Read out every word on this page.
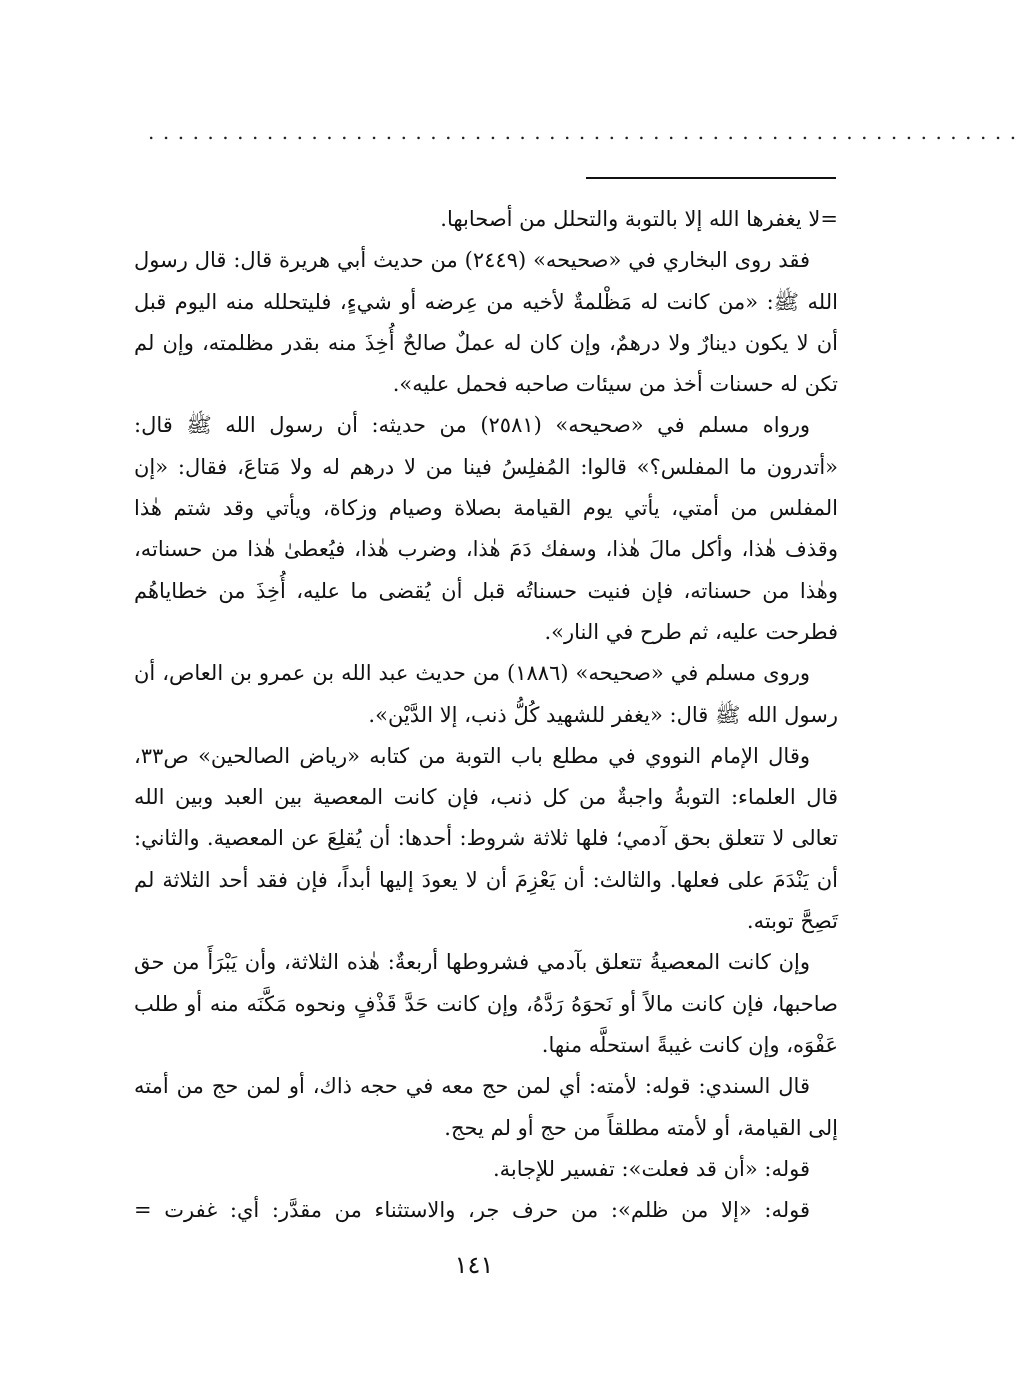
...........................................................

=لا يغفرها الله إلا بالتوبة والتحلل من أصحابها.

فقد روى البخاري في «صحيحه» (٢٤٤٩) من حديث أبي هريرة قال: قال رسول الله ﷺ: «من كانت له مَظْلمةٌ لأخيه من عِرضه أو شيءٍ، فليتحلله منه اليوم قبل أن لا يكون دينارٌ ولا درهمٌ، وإن كان له عملٌ صالحٌ أُخِذَ منه بقدر مظلمته، وإن لم تكن له حسنات أخذ من سيئات صاحبه فحمل عليه».

ورواه مسلم في «صحيحه» (٢٥٨١) من حديثه: أن رسول الله ﷺ قال: «أتدرون ما المفلس؟» قالوا: المُفلِسُ فينا من لا درهم له ولا مَتاعَ، فقال: «إن المفلس من أمتي، يأتي يوم القيامة بصلاة وصيام وزكاة، ويأتي وقد شتم هٰذا وقذف هٰذا، وأكل مالَ هٰذا، وسفك دَمَ هٰذا، وضرب هٰذا، فيُعطىٰ هٰذا من حسناته، وهٰذا من حسناته، فإن فنيت حسناتُه قبل أن يُقضى ما عليه، أُخِذَ من خطاياهُم فطرحت عليه، ثم طرح في النار».

وروى مسلم في «صحيحه» (١٨٨٦) من حديث عبد الله بن عمرو بن العاص، أن رسول الله ﷺ قال: «يغفر للشهيد كُلُّ ذنب، إلا الدَّيْن».

وقال الإمام النووي في مطلع باب التوبة من كتابه «رياض الصالحين» ص٣٣، قال العلماء: التوبةُ واجبةٌ من كل ذنب، فإن كانت المعصية بين العبد وبين الله تعالى لا تتعلق بحق آدمي؛ فلها ثلاثة شروط: أحدها: أن يُقلِعَ عن المعصية. والثاني: أن يَنْدَمَ على فعلها. والثالث: أن يَعْزِمَ أن لا يعودَ إليها أبداً، فإن فقد أحد الثلاثة لم تَصِحَّ توبته.

وإن كانت المعصيةُ تتعلق بآدمي فشروطها أربعةٌ: هٰذه الثلاثة، وأن يَبْرَأَ من حق صاحبها، فإن كانت مالاً أو نَحوَهُ رَدَّهُ، وإن كانت حَدَّ قَذْفٍ ونحوه مَكَّنَه منه أو طلب عَفْوَه، وإن كانت غيبةً استحلَّه منها.

قال السندي: قوله: لأمته: أي لمن حج معه في حجه ذاك، أو لمن حج من أمته إلى القيامة، أو لأمته مطلقاً من حج أو لم يحج.

قوله: «أن قد فعلت»: تفسير للإجابة.

قوله: «إلا من ظلم»: من حرف جر، والاستثناء من مقدَّر: أي: غفرت =

١٤١
